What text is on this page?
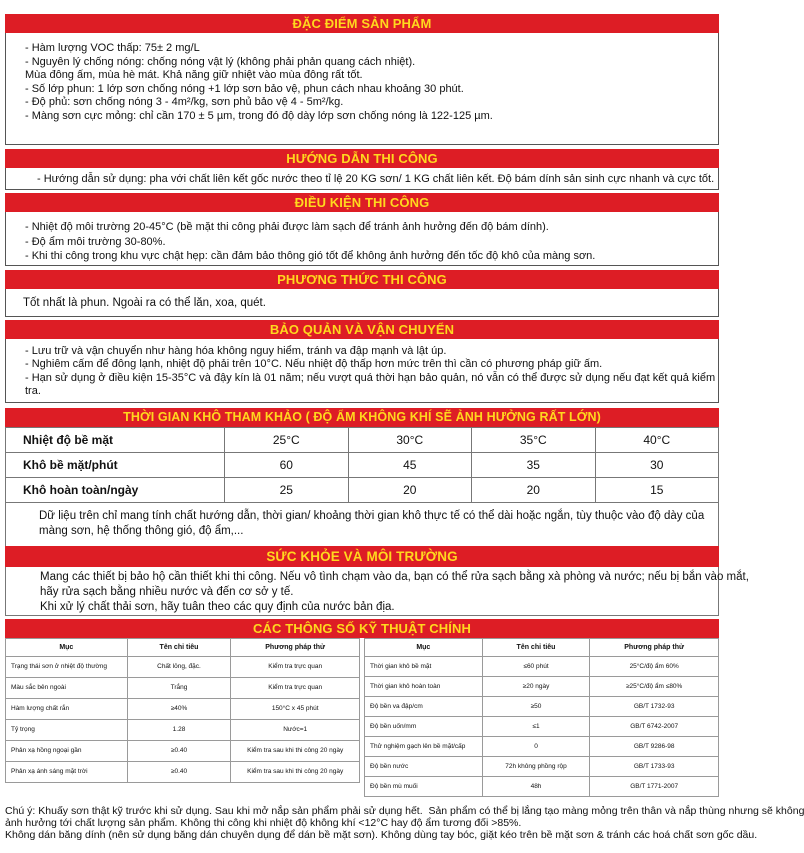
ĐẶC ĐIỂM SẢN PHẨM
- Hàm lượng VOC thấp: 75± 2 mg/L
- Nguyên lý chống nóng: chống nóng vật lý (không phải phản quang cách nhiệt).
Mùa đông ấm, mùa hè mát. Khả năng giữ nhiệt vào mùa đông rất tốt.
- Số lớp phun: 1 lớp sơn chống nóng +1 lớp sơn bảo vệ, phun cách nhau khoảng 30 phút.
- Độ phủ: sơn chống nóng 3 - 4m²/kg, sơn phủ bảo vệ 4 - 5m²/kg.
- Màng sơn cực mỏng: chỉ cần 170 ± 5 µm, trong đó độ dày lớp sơn chống nóng là 122-125 µm.
HƯỚNG DẪN THI CÔNG
- Hướng dẫn sử dụng: pha với chất liên kết gốc nước theo tỉ lệ 20 KG sơn/ 1 KG chất liên kết. Độ bám dính sản sinh cực nhanh và cực tốt.
ĐIỀU KIỆN THI CÔNG
- Nhiệt độ môi trường 20-45°C (bề mặt thi công phải được làm sạch để tránh ảnh hưởng đến độ bám dính).
- Độ ẩm môi trường 30-80%.
- Khi thi công trong khu vực chật hẹp: cần đảm bảo thông gió tốt để không ảnh hưởng đến tốc độ khô của màng sơn.
PHƯƠNG THỨC THI CÔNG
Tốt nhất là phun. Ngoài ra có thể lăn, xoa, quét.
BẢO QUẢN VÀ VẬN CHUYỂN
- Lưu trữ và vận chuyển như hàng hóa không nguy hiểm, tránh va đập mạnh và lật úp.
- Nghiêm cấm để đông lạnh, nhiệt độ phải trên 10°C. Nếu nhiệt độ thấp hơn mức trên thì cần có phương pháp giữ ấm.
- Hạn sử dụng ở điều kiện 15-35°C và đậy kín là 01 năm; nếu vượt quá thời hạn bảo quản, nó vẫn có thể được sử dụng nếu đạt kết quả kiểm
tra.
THỜI GIAN KHÔ THAM KHẢO ( ĐỘ ẨM KHÔNG KHÍ SẼ ẢNH HƯỞNG RẤT LỚN)
Nhiệt độ bề mặt	25°C	30°C	35°C	40°C
Khô bề mặt/phút	60	45	35	30
Khô hoàn toàn/ngày	25	20	20	15
Dữ liệu trên chỉ mang tính chất hướng dẫn, thời gian/ khoảng thời gian khô thực tế có thể dài hoặc ngắn, tùy thuộc vào độ dày của
màng sơn, hệ thống thông gió, độ ẩm,...
SỨC KHỎE VÀ MÔI TRƯỜNG
Mang các thiết bị bảo hộ cần thiết khi thi công. Nếu vô tình chạm vào da, bạn có thể rửa sạch bằng xà phòng và nước; nếu bị bắn vào mắt,
hãy rửa sạch bằng nhiều nước và đến cơ sở y tế.
Khi xử lý chất thải sơn, hãy tuân theo các quy định của nước bản địa.
CÁC THÔNG SỐ KỸ THUẬT CHÍNH
Mục	Tên chỉ tiêu	Phương pháp thử
Trạng thái sơn ở nhiệt độ thường	Chất lỏng, đặc.	Kiểm tra trực quan
Màu sắc bên ngoài	Trắng	Kiểm tra trực quan
Hàm lượng chất rắn	≥40%	150°C x 45 phút
Tỷ trọng	1.28	Nước=1
Phản xạ hồng ngoại gần	≥0.40	Kiểm tra sau khi thi công 20 ngày
Phản xạ ánh sáng mặt trời	≥0.40	Kiểm tra sau khi thi công 20 ngày
Mục	Tên chỉ tiêu	Phương pháp thử
Thời gian khô bề mặt	≤60 phút	25°C/độ ẩm 60%
Thời gian khô hoàn toàn	≥20 ngày	≥25°C/độ ẩm ≤80%
Độ bền va đập/cm	≥50	GB/T 1732-93
Độ bền uốn/mm	≤1	GB/T 6742-2007
Thử nghiệm gạch lên bề mặt/cấp	0	GB/T 9286-98
Độ bền nước	72h không phồng rộp	GB/T 1733-93
Độ bền mù muối	48h	GB/T 1771-2007
Chú ý: Khuấy sơn thật kỹ trước khi sử dụng. Sau khi mở nắp sản phẩm phải sử dụng hết.  Sản phẩm có thể bị lắng tạo màng mỏng trên thân và nắp thùng nhưng sẽ không
ảnh hưởng tới chất lượng sản phẩm. Không thi công khi nhiệt độ không khí <12°C hay độ ẩm tương đối >85%.
Không dán băng dính (nên sử dụng băng dán chuyên dụng để dán bề mặt sơn). Không dùng tay bóc, giặt kéo trên bề mặt sơn & tránh các hoá chất sơn gốc dầu.
